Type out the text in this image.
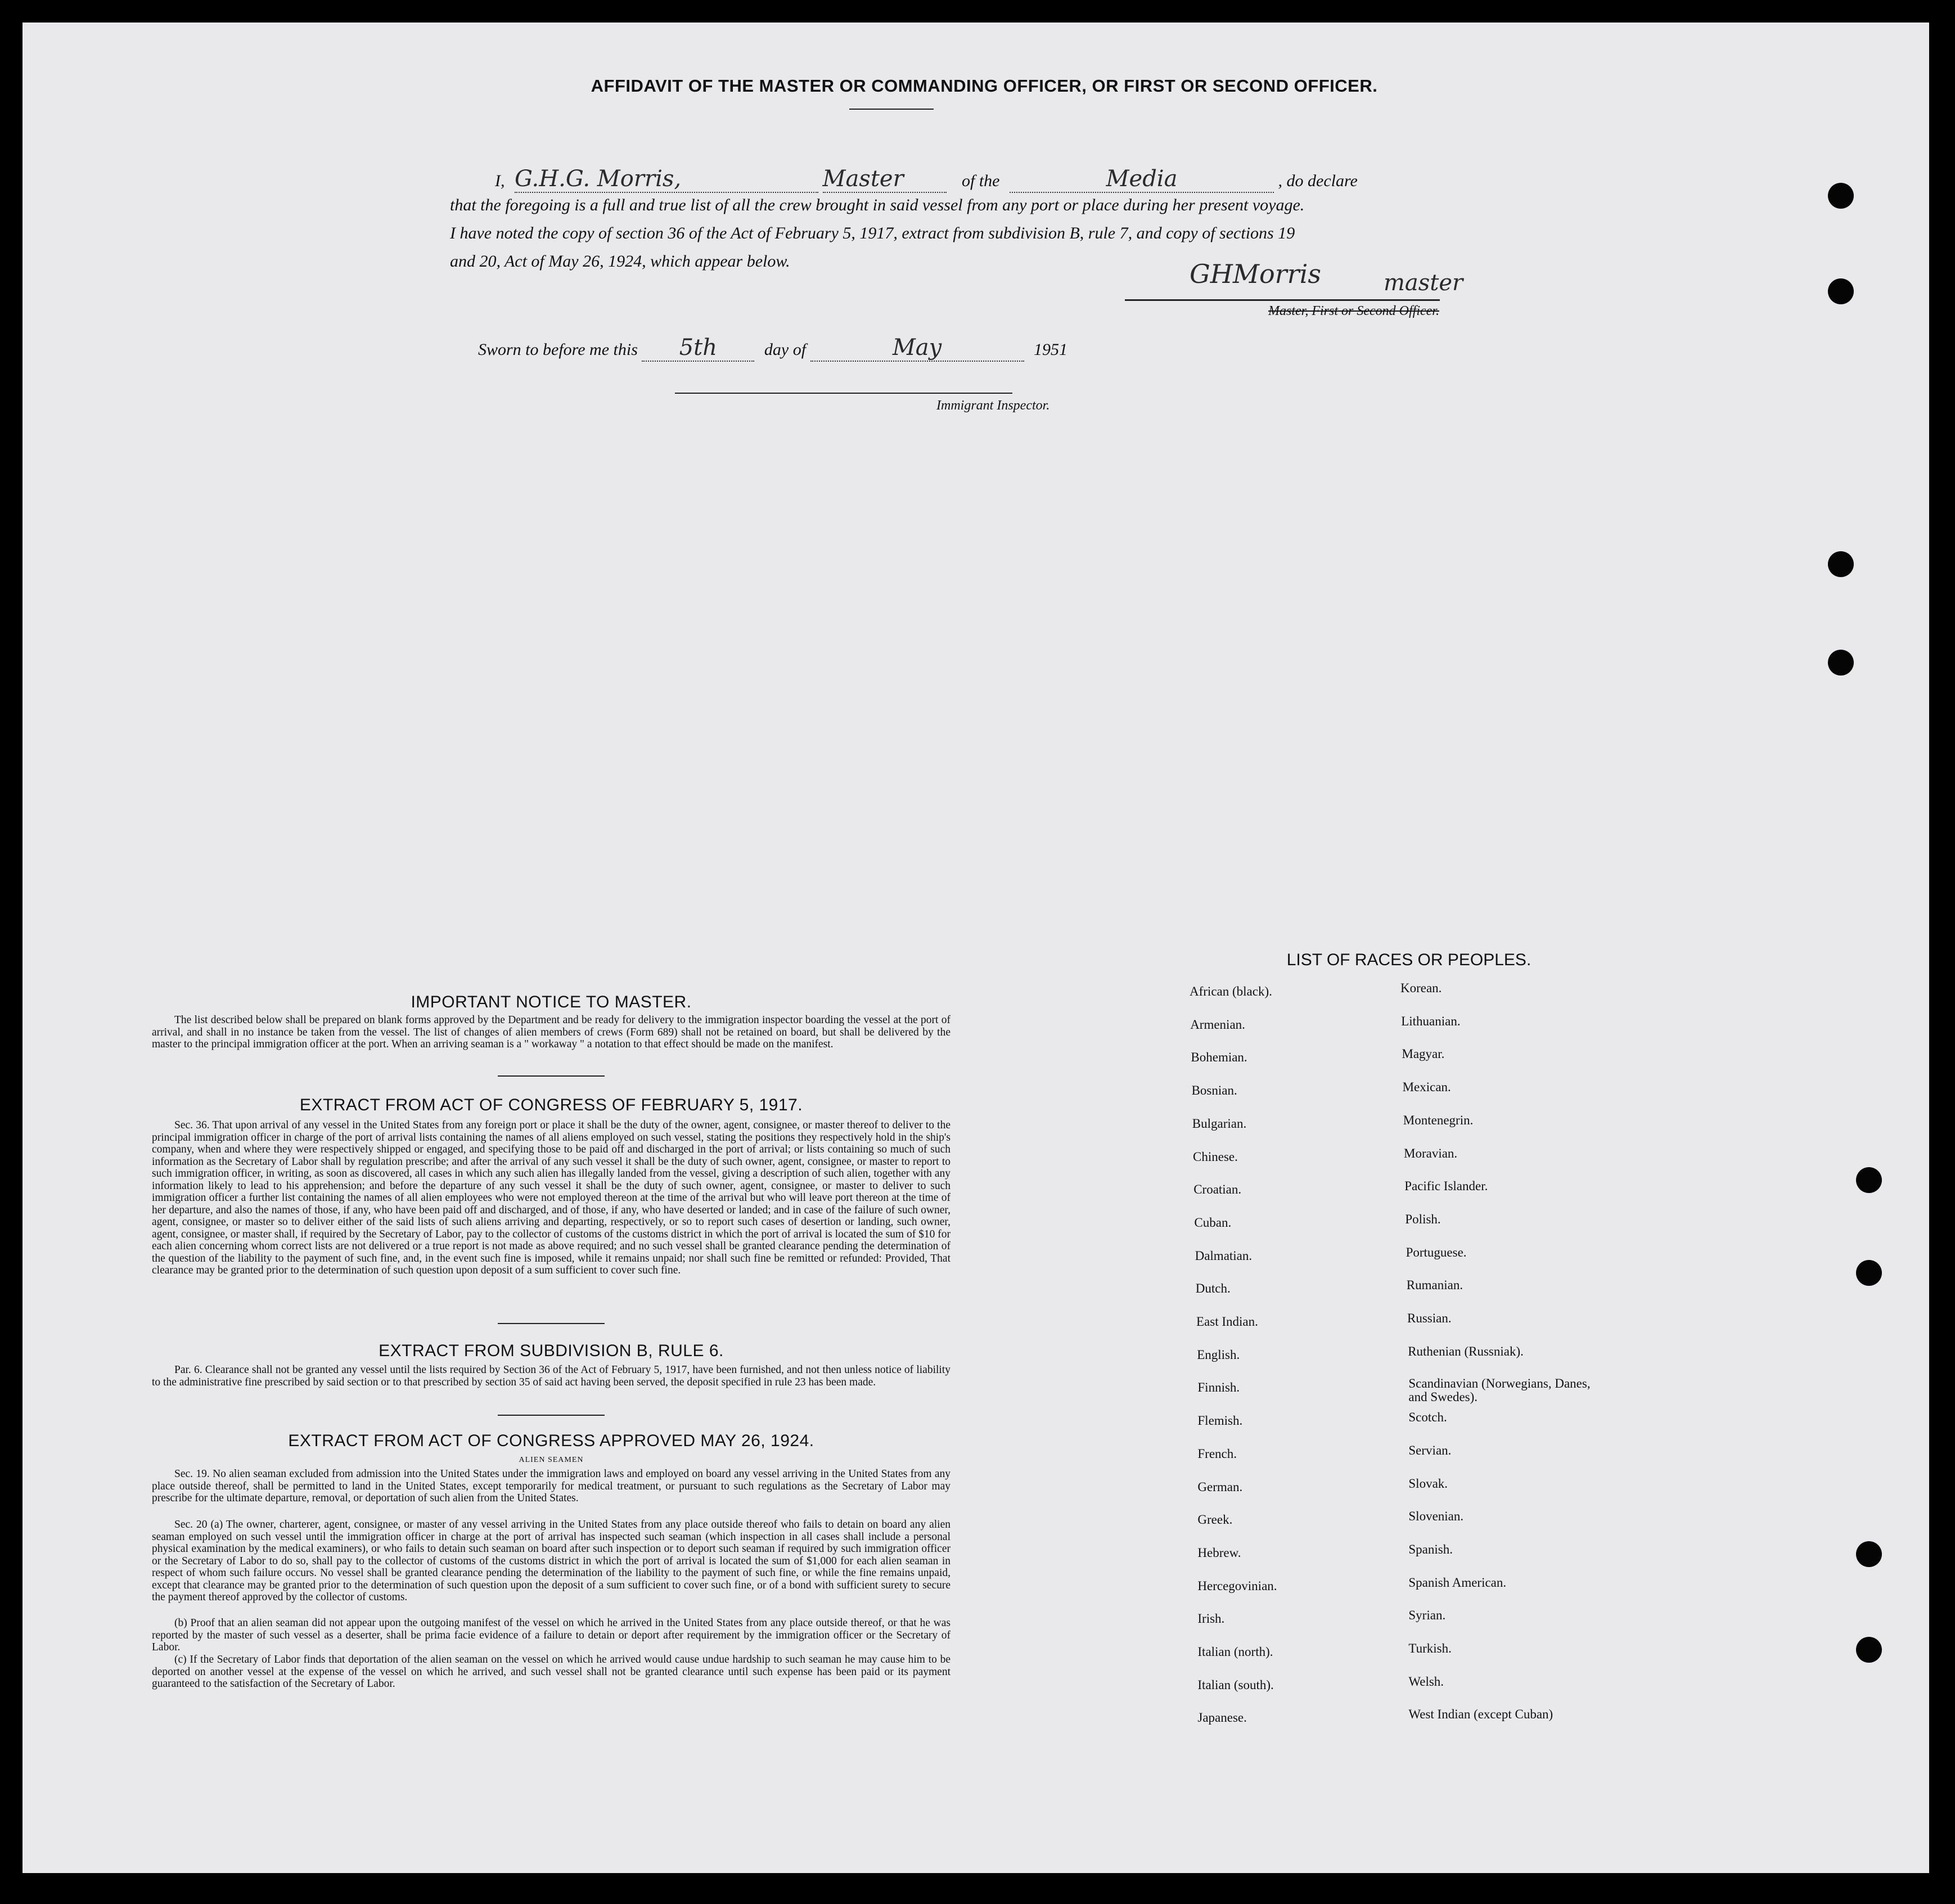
AFFIDAVIT OF THE MASTER OR COMMANDING OFFICER, OR FIRST OR SECOND OFFICER.
I, G.H.G. Morris,	Master	of the	Media	, do declare
that the foregoing is a full and true list of all the crew brought in said vessel from any port or place during her present voyage.
I have noted the copy of section 36 of the Act of February 5, 1917, extract from subdivision B, rule 7, and copy of sections 19
and 20, Act of May 26, 1924, which appear below.	GHMorris	master
Master, First or Second Officer.
Sworn to before me this 5th	day of	May	1951
Immigrant Inspector.
IMPORTANT NOTICE TO MASTER.
The list described below shall be prepared on blank forms approved by the Department and be ready for delivery to the immigration inspector boarding the vessel at the port of arrival, and shall in no instance be taken from the vessel. The list of changes of alien members of crews (Form 689) shall not be retained on board, but shall be delivered by the master to the principal immigration officer at the port. When an arriving seaman is a " workaway " a notation to that effect should be made on the manifest.
EXTRACT FROM ACT OF CONGRESS OF FEBRUARY 5, 1917.
Sec. 36. That upon arrival of any vessel in the United States from any foreign port or place it shall be the duty of the owner, agent, consignee, or master thereof to deliver to the principal immigration officer in charge of the port of arrival lists containing the names of all aliens employed on such vessel, stating the positions they respectively hold in the ship's company, when and where they were respectively shipped or engaged, and specifying those to be paid off and discharged in the port of arrival; or lists containing so much of such information as the Secretary of Labor shall by regulation prescribe; and after the arrival of any such vessel it shall be the duty of such owner, agent, consignee, or master to report to such immigration officer, in writing, as soon as discovered, all cases in which any such alien has illegally landed from the vessel, giving a description of such alien, together with any information likely to lead to his apprehension; and before the departure of any such vessel it shall be the duty of such owner, agent, consignee, or master to deliver to such immigration officer a further list containing the names of all alien employees who were not employed thereon at the time of the arrival but who will leave port thereon at the time of her departure, and also the names of those, if any, who have been paid off and discharged, and of those, if any, who have deserted or landed; and in case of the failure of such owner, agent, consignee, or master so to deliver either of the said lists of such aliens arriving and departing, respectively, or so to report such cases of desertion or landing, such owner, agent, consignee, or master shall, if required by the Secretary of Labor, pay to the collector of customs of the customs district in which the port of arrival is located the sum of $10 for each alien concerning whom correct lists are not delivered or a true report is not made as above required; and no such vessel shall be granted clearance pending the determination of the question of the liability to the payment of such fine, and, in the event such fine is imposed, while it remains unpaid; nor shall such fine be remitted or refunded: Provided, That clearance may be granted prior to the determination of such question upon deposit of a sum sufficient to cover such fine.
EXTRACT FROM SUBDIVISION B, RULE 6.
Par. 6. Clearance shall not be granted any vessel until the lists required by Section 36 of the Act of February 5, 1917, have been furnished, and not then unless notice of liability to the administrative fine prescribed by said section or to that prescribed by section 35 of said act having been served, the deposit specified in rule 23 has been made.
EXTRACT FROM ACT OF CONGRESS APPROVED MAY 26, 1924.
ALIEN SEAMEN
Sec. 19. No alien seaman excluded from admission into the United States under the immigration laws and employed on board any vessel arriving in the United States from any place outside thereof, shall be permitted to land in the United States, except temporarily for medical treatment, or pursuant to such regulations as the Secretary of Labor may prescribe for the ultimate departure, removal, or deportation of such alien from the United States.
Sec. 20 (a) The owner, charterer, agent, consignee, or master of any vessel arriving in the United States from any place outside thereof who fails to detain on board any alien seaman employed on such vessel until the immigration officer in charge at the port of arrival has inspected such seaman (which inspection in all cases shall include a personal physical examination by the medical examiners), or who fails to detain such seaman on board after such inspection or to deport such seaman if required by such immigration officer or the Secretary of Labor to do so, shall pay to the collector of customs of the customs district in which the port of arrival is located the sum of $1,000 for each alien seaman in respect of whom such failure occurs. No vessel shall be granted clearance pending the determination of the liability to the payment of such fine, or while the fine remains unpaid, except that clearance may be granted prior to the determination of such question upon the deposit of a sum sufficient to cover such fine, or of a bond with sufficient surety to secure the payment thereof approved by the collector of customs.
(b) Proof that an alien seaman did not appear upon the outgoing manifest of the vessel on which he arrived in the United States from any place outside thereof, or that he was reported by the master of such vessel as a deserter, shall be prima facie evidence of a failure to detain or deport after requirement by the immigration officer or the Secretary of Labor.
(c) If the Secretary of Labor finds that deportation of the alien seaman on the vessel on which he arrived would cause undue hardship to such seaman he may cause him to be deported on another vessel at the expense of the vessel on which he arrived, and such vessel shall not be granted clearance until such expense has been paid or its payment guaranteed to the satisfaction of the Secretary of Labor.
LIST OF RACES OR PEOPLES.
African (black).
Armenian.
Bohemian.
Bosnian.
Bulgarian.
Chinese.
Croatian.
Cuban.
Dalmatian.
Dutch.
East Indian.
English.
Finnish.
Flemish.
French.
German.
Greek.
Hebrew.
Hercegovinian.
Irish.
Italian (north).
Italian (south).
Japanese.
Korean.
Lithuanian.
Magyar.
Mexican.
Montenegrin.
Moravian.
Pacific Islander.
Polish.
Portuguese.
Rumanian.
Russian.
Ruthenian (Russniak).
Scandinavian (Norwegians, Danes, and Swedes).
Scotch.
Servian.
Slovak.
Slovenian.
Spanish.
Spanish American.
Syrian.
Turkish.
Welsh.
West Indian (except Cuban)
